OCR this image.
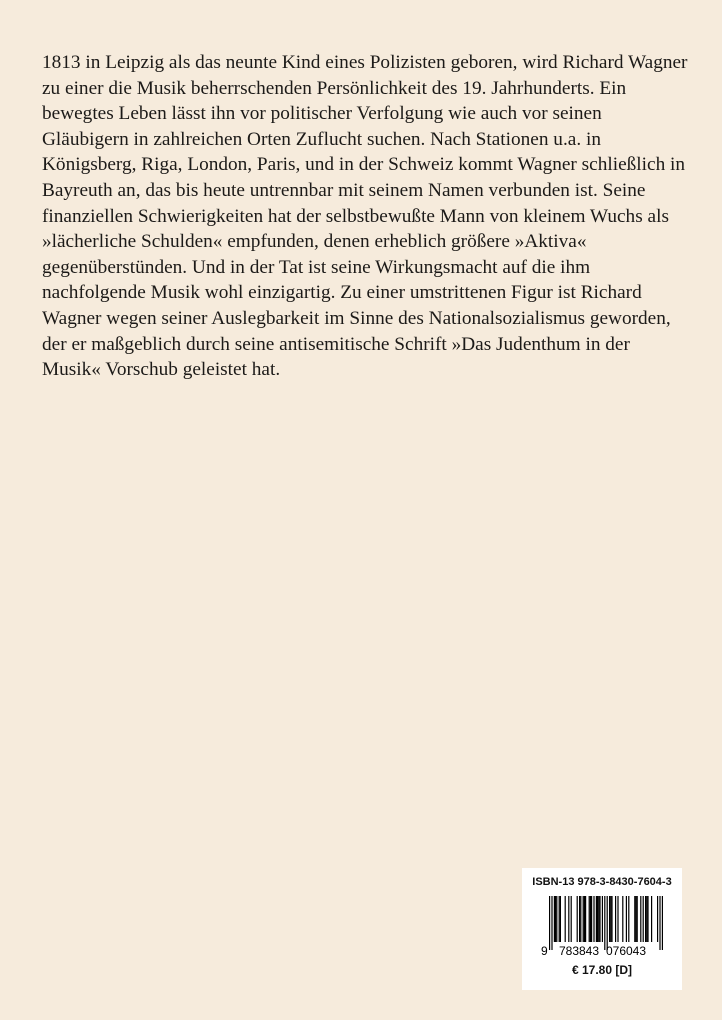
1813 in Leipzig als das neunte Kind eines Polizisten geboren, wird Richard Wagner
zu einer die Musik beherrschenden Persönlichkeit des 19. Jahrhunderts. Ein
bewegtes Leben lässt ihn vor politischer Verfolgung wie auch vor seinen
Gläubigern in zahlreichen Orten Zuflucht suchen. Nach Stationen u.a. in
Königsberg, Riga, London, Paris, und in der Schweiz kommt Wagner schließlich in
Bayreuth an, das bis heute untrennbar mit seinem Namen verbunden ist. Seine
finanziellen Schwierigkeiten hat der selbstbewußte Mann von kleinem Wuchs als
»lächerliche Schulden« empfunden, denen erheblich größere »Aktiva«
gegenüberstünden. Und in der Tat ist seine Wirkungsmacht auf die ihm
nachfolgende Musik wohl einzigartig. Zu einer umstrittenen Figur ist Richard
Wagner wegen seiner Auslegbarkeit im Sinne des Nationalsozialismus geworden,
der er maßgeblich durch seine antisemitische Schrift »Das Judenthum in der
Musik« Vorschub geleistet hat.

ISBN-13 978-3-8430-7604-3
9 783843 076043
€ 17.80 [D]
